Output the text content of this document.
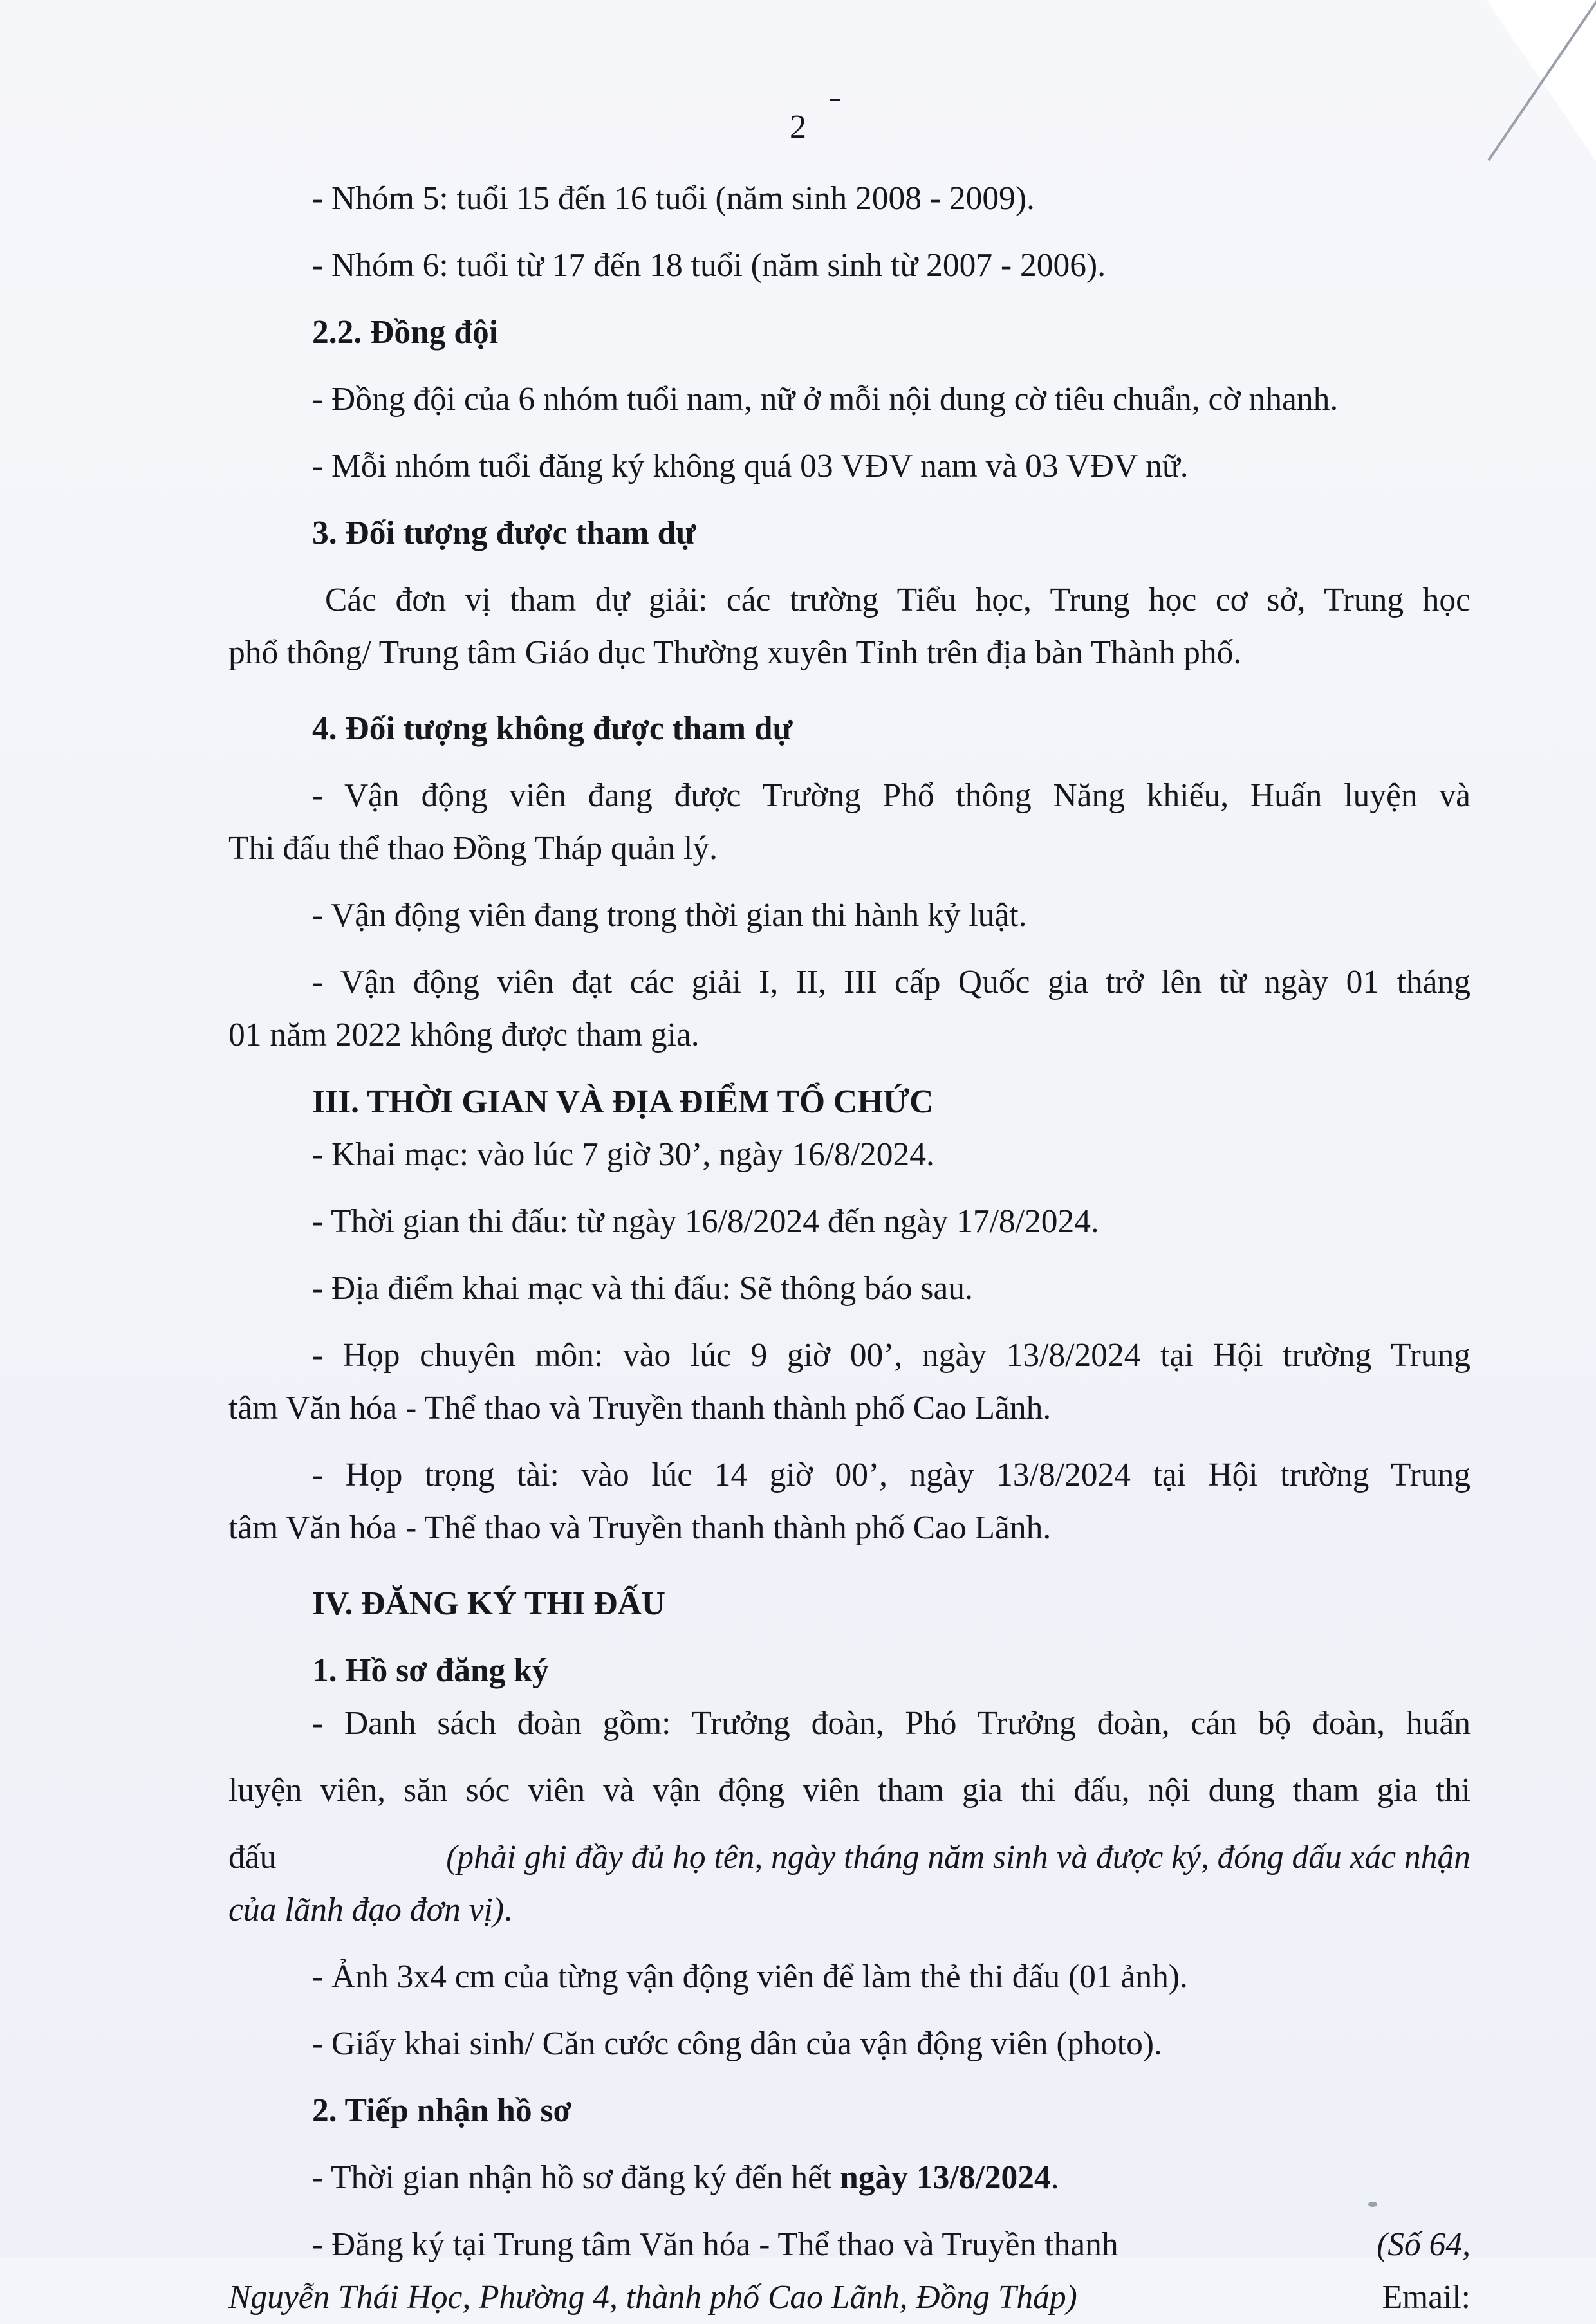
2
- Nhóm 5: tuổi 15 đến 16 tuổi (năm sinh 2008 - 2009).
- Nhóm 6: tuổi từ 17 đến 18 tuổi (năm sinh từ 2007 - 2006).
2.2. Đồng đội
- Đồng đội của 6 nhóm tuổi nam, nữ ở mỗi nội dung cờ tiêu chuẩn, cờ nhanh.
- Mỗi nhóm tuổi đăng ký không quá 03 VĐV nam và 03 VĐV nữ.
3. Đối tượng được tham dự
Các đơn vị tham dự giải: các trường Tiểu học, Trung học cơ sở, Trung học
phổ thông/ Trung tâm Giáo dục Thường xuyên Tỉnh trên địa bàn Thành phố.
4. Đối tượng không được tham dự
- Vận động viên đang được Trường Phổ thông Năng khiếu, Huấn luyện và
Thi đấu thể thao Đồng Tháp quản lý.
- Vận động viên đang trong thời gian thi hành kỷ luật.
- Vận động viên đạt các giải I, II, III cấp Quốc gia trở lên từ ngày 01 tháng
01 năm 2022 không được tham gia.
III. THỜI GIAN VÀ ĐỊA ĐIỂM TỔ CHỨC
- Khai mạc: vào lúc 7 giờ 30’, ngày 16/8/2024.
- Thời gian thi đấu: từ ngày 16/8/2024 đến ngày 17/8/2024.
- Địa điểm khai mạc và thi đấu: Sẽ thông báo sau.
- Họp chuyên môn: vào lúc 9 giờ 00’, ngày 13/8/2024 tại Hội trường Trung
tâm Văn hóa - Thể thao và Truyền thanh thành phố Cao Lãnh.
- Họp trọng tài: vào lúc 14 giờ 00’, ngày 13/8/2024 tại Hội trường Trung
tâm Văn hóa - Thể thao và Truyền thanh thành phố Cao Lãnh.
IV. ĐĂNG KÝ THI ĐẤU
1. Hồ sơ đăng ký
- Danh sách đoàn gồm: Trưởng đoàn, Phó Trưởng đoàn, cán bộ đoàn, huấn
luyện viên, săn sóc viên và vận động viên tham gia thi đấu, nội dung tham gia thi
đấu	(phải ghi đầy đủ họ tên, ngày tháng năm sinh và được ký, đóng dấu xác nhận
của lãnh đạo đơn vị).
- Ảnh 3x4 cm của từng vận động viên để làm thẻ thi đấu (01 ảnh).
- Giấy khai sinh/ Căn cước công dân của vận động viên (photo).
2. Tiếp nhận hồ sơ
- Thời gian nhận hồ sơ đăng ký đến hết ngày 13/8/2024.
- Đăng ký tại Trung tâm Văn hóa - Thể thao và Truyền thanh	(Số 64,
Nguyễn Thái Học, Phường 4, thành phố Cao Lãnh, Đồng Tháp)	Email:
